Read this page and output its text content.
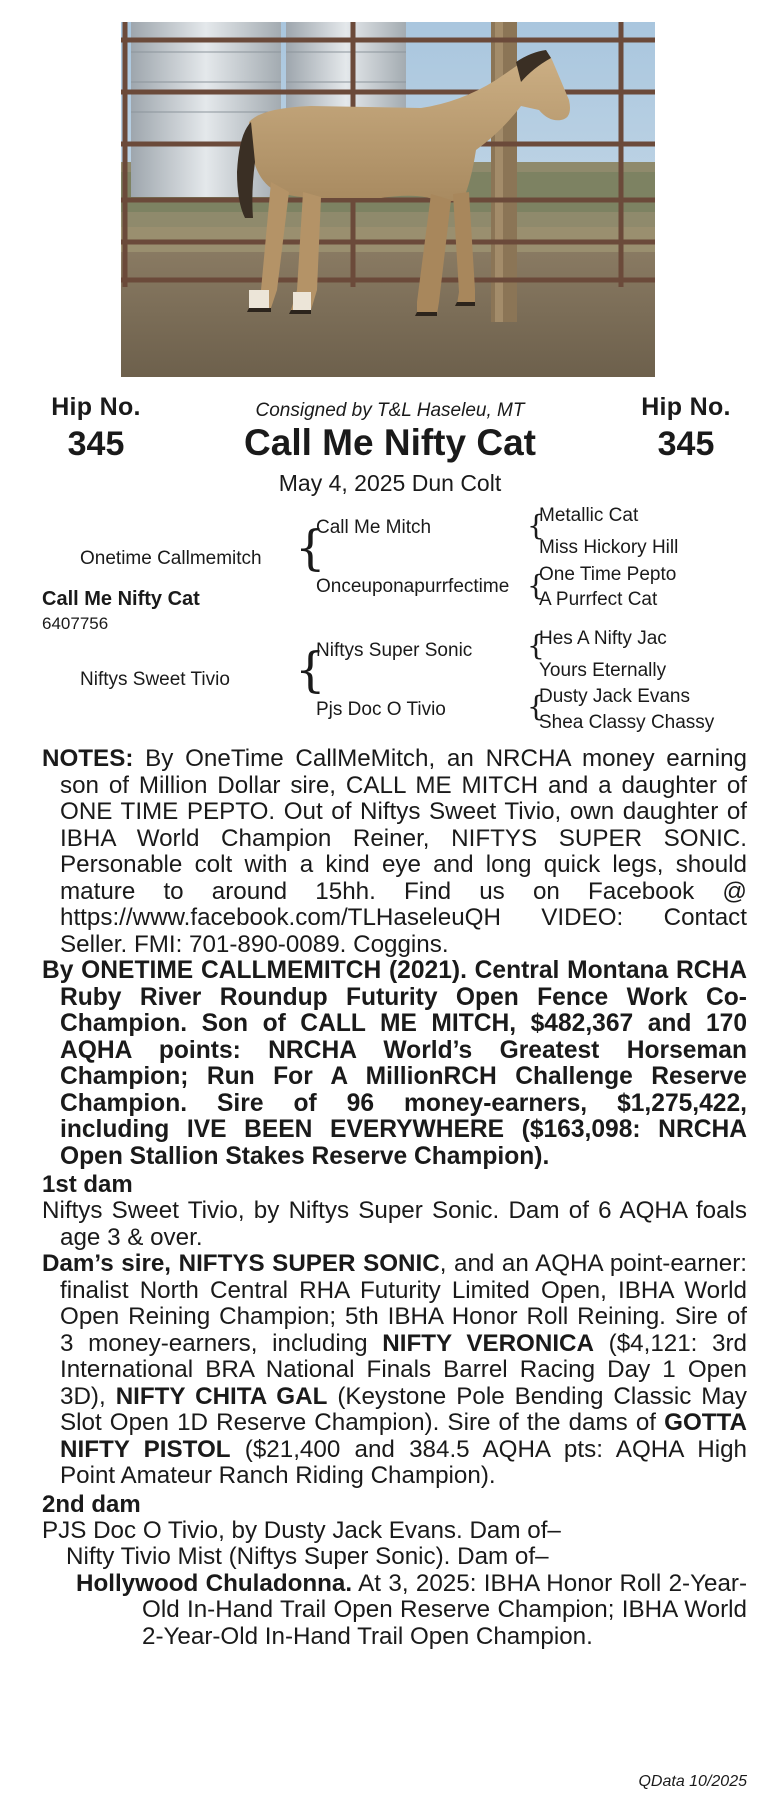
Hip No.
345
Hip No.
345
Consigned by T&L Haseleu, MT
Call Me Nifty Cat
May 4, 2025 Dun Colt
Onetime Callmemitch
Call Me Nifty Cat
6407756
Niftys Sweet Tivio
{
{
Call Me Mitch
Onceuponapurrfectime
Niftys Super Sonic
Pjs Doc O Tivio
{
{
{
{
Metallic Cat
Miss Hickory Hill
One Time Pepto
A Purrfect Cat
Hes A Nifty Jac
Yours Eternally
Dusty Jack Evans
Shea Classy Chassy

NOTES: By OneTime CallMeMitch, an NRCHA money earning son of Million Dollar sire, CALL ME MITCH and a daughter of ONE TIME PEPTO. Out of Niftys Sweet Tivio, own daughter of IBHA World Champion Reiner, NIFTYS SUPER SONIC. Personable colt with a kind eye and long quick legs, should mature to around 15hh. Find us on Facebook @ https://www.facebook.com/TLHaseleuQH VIDEO: Contact Seller. FMI: 701-890-0089. Coggins.

By ONETIME CALLMEMITCH (2021). Central Montana RCHA Ruby River Roundup Futurity Open Fence Work Co-Champion. Son of CALL ME MITCH, $482,367 and 170 AQHA points: NRCHA World’s Greatest Horseman Champion; Run For A MillionRCH Challenge Reserve Champion. Sire of 96 money-earners, $1,275,422, including IVE BEEN EVERYWHERE ($163,098: NRCHA Open Stallion Stakes Reserve Champion).

1st dam

Niftys Sweet Tivio, by Niftys Super Sonic. Dam of 6 AQHA foals age 3 & over.

Dam’s sire, NIFTYS SUPER SONIC, and an AQHA point-earner: finalist North Central RHA Futurity Limited Open, IBHA World Open Reining Champion; 5th IBHA Honor Roll Reining. Sire of 3 money-earners, including NIFTY VERONICA ($4,121: 3rd International BRA National Finals Barrel Racing Day 1 Open 3D), NIFTY CHITA GAL (Keystone Pole Bending Classic May Slot Open 1D Reserve Champion). Sire of the dams of GOTTA NIFTY PISTOL ($21,400 and 384.5 AQHA pts: AQHA High Point Amateur Ranch Riding Champion).

2nd dam

PJS Doc O Tivio, by Dusty Jack Evans. Dam of–

Nifty Tivio Mist (Niftys Super Sonic). Dam of–

Hollywood Chuladonna. At 3, 2025: IBHA Honor Roll 2-Year-Old In-Hand Trail Open Reserve Champion; IBHA World 2-Year-Old In-Hand Trail Open Champion.

QData 10/2025
